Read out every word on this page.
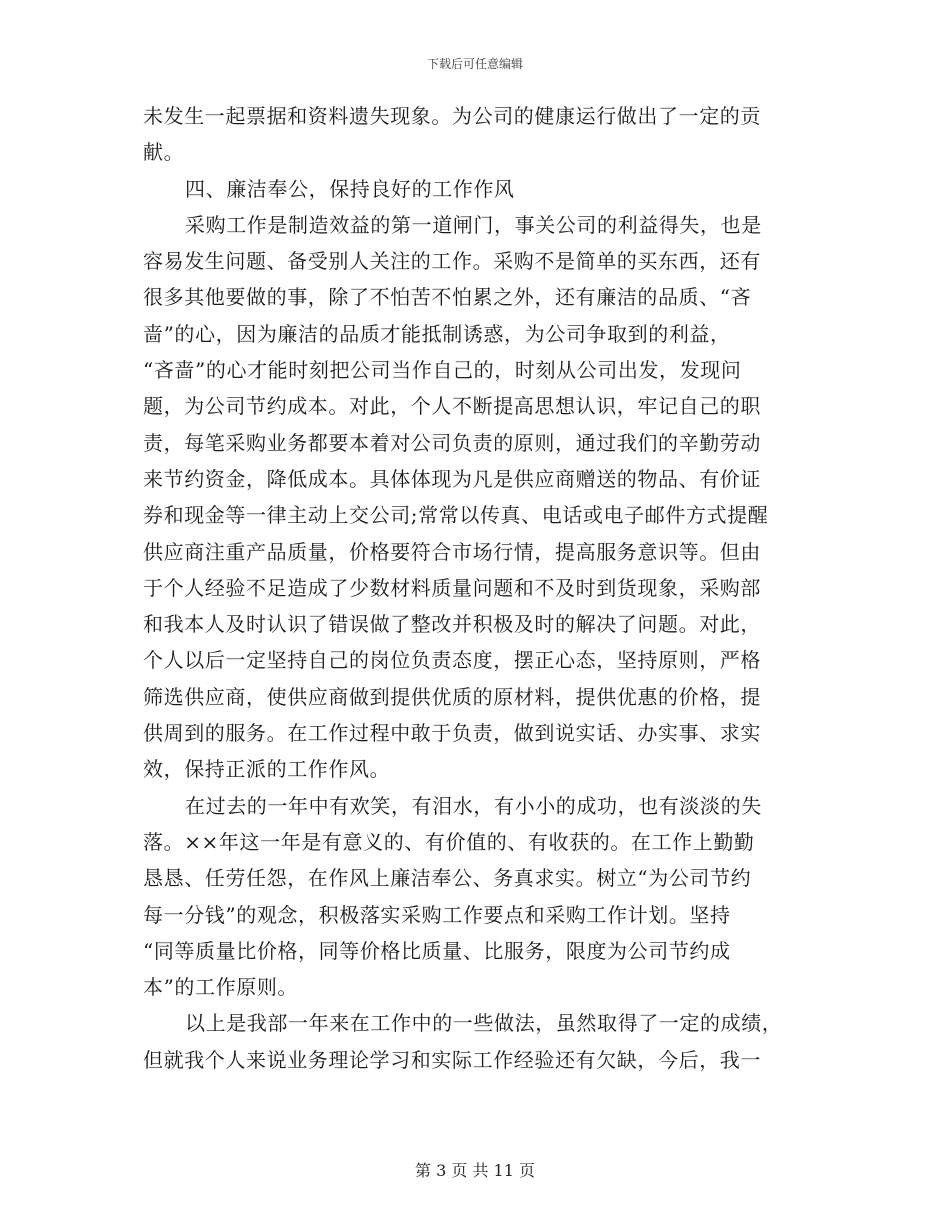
下载后可任意编辑
未发生一起票据和资料遗失现象。为公司的健康运行做出了一定的贡
献。
四、廉洁奉公，保持良好的工作作风
采购工作是制造效益的第一道闸门，事关公司的利益得失，也是
容易发生问题、备受别人关注的工作。采购不是简单的买东西，还有
很多其他要做的事，除了不怕苦不怕累之外，还有廉洁的品质、“吝
啬”的心，因为廉洁的品质才能抵制诱惑，为公司争取到的利益，
“吝啬”的心才能时刻把公司当作自己的，时刻从公司出发，发现问
题，为公司节约成本。对此，个人不断提高思想认识，牢记自己的职
责，每笔采购业务都要本着对公司负责的原则，通过我们的辛勤劳动
来节约资金，降低成本。具体体现为凡是供应商赠送的物品、有价证
券和现金等一律主动上交公司;常常以传真、电话或电子邮件方式提醒
供应商注重产品质量，价格要符合市场行情，提高服务意识等。但由
于个人经验不足造成了少数材料质量问题和不及时到货现象，采购部
和我本人及时认识了错误做了整改并积极及时的解决了问题。对此，
个人以后一定坚持自己的岗位负责态度，摆正心态，坚持原则，严格
筛选供应商，使供应商做到提供优质的原材料，提供优惠的价格，提
供周到的服务。在工作过程中敢于负责，做到说实话、办实事、求实
效，保持正派的工作作风。
在过去的一年中有欢笑，有泪水，有小小的成功，也有淡淡的失
落。××年这一年是有意义的、有价值的、有收获的。在工作上勤勤
恳恳、任劳任怨，在作风上廉洁奉公、务真求实。树立“为公司节约
每一分钱”的观念，积极落实采购工作要点和采购工作计划。坚持
“同等质量比价格，同等价格比质量、比服务，限度为公司节约成
本”的工作原则。
以上是我部一年来在工作中的一些做法，虽然取得了一定的成绩，
但就我个人来说业务理论学习和实际工作经验还有欠缺，今后，我一
第 3 页 共 11 页
